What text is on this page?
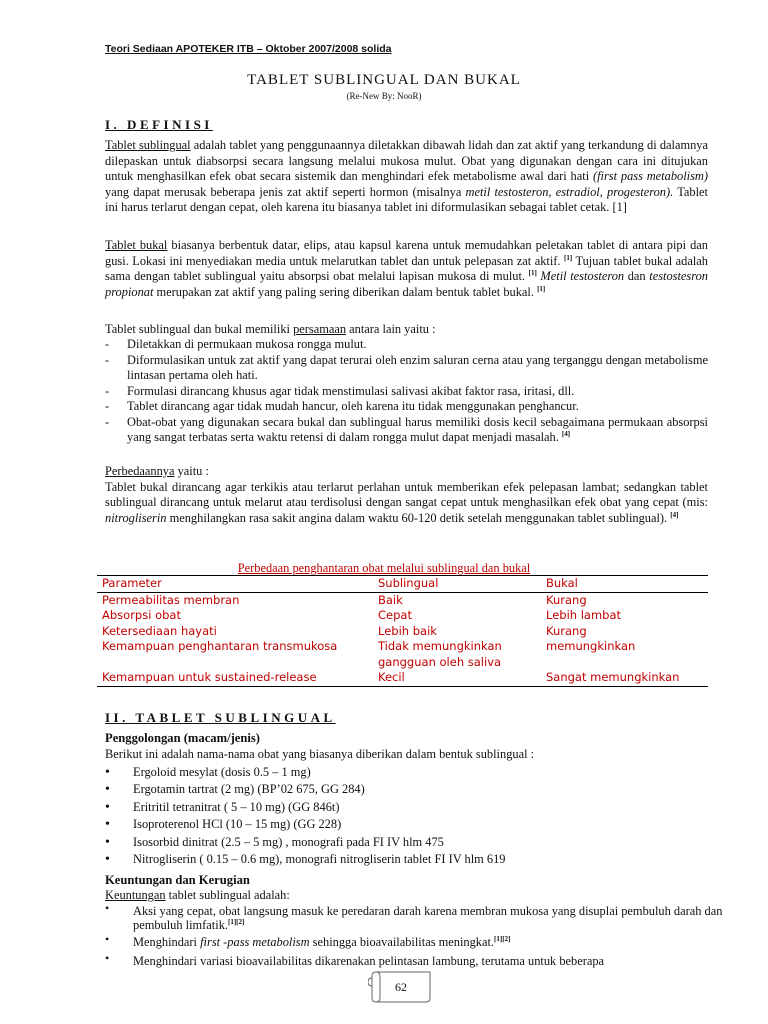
Teori Sediaan APOTEKER ITB – Oktober 2007/2008 solida
TABLET SUBLINGUAL DAN BUKAL
(Re-New By: NooR)
I. DEFINISI

Tablet sublingual adalah tablet yang penggunaannya diletakkan dibawah lidah dan zat aktif yang terkandung di dalamnya dilepaskan untuk diabsorpsi secara langsung melalui mukosa mulut. Obat yang digunakan dengan cara ini ditujukan untuk menghasilkan efek obat secara sistemik dan menghindari efek metabolisme awal dari hati (first pass metabolism) yang dapat merusak beberapa jenis zat aktif seperti hormon (misalnya metil testosteron, estradiol, progesteron). Tablet ini harus terlarut dengan cepat, oleh karena itu biasanya tablet ini diformulasikan sebagai tablet cetak. [1]

Tablet bukal biasanya berbentuk datar, elips, atau kapsul karena untuk memudahkan peletakan tablet di antara pipi dan gusi. Lokasi ini menyediakan media untuk melarutkan tablet dan untuk pelepasan zat aktif. [1] Tujuan tablet bukal adalah sama dengan tablet sublingual yaitu absorpsi obat melalui lapisan mukosa di mulut. [1] Metil testosteron dan testostesron propionat merupakan zat aktif yang paling sering diberikan dalam bentuk tablet bukal. [1]

Tablet sublingual dan bukal memiliki persamaan antara lain yaitu :

- Diletakkan di permukaan mukosa rongga mulut.
- Diformulasikan untuk zat aktif yang dapat terurai oleh enzim saluran cerna atau yang terganggu dengan metabolisme lintasan pertama oleh hati.
- Formulasi dirancang khusus agar tidak menstimulasi salivasi akibat faktor rasa, iritasi, dll.
- Tablet dirancang agar tidak mudah hancur, oleh karena itu tidak menggunakan penghancur.
- Obat-obat yang digunakan secara bukal dan sublingual harus memiliki dosis kecil sebagaimana permukaan absorpsi yang sangat terbatas serta waktu retensi di dalam rongga mulut dapat menjadi masalah. [4]

Perbedaannya yaitu :
Tablet bukal dirancang agar terkikis atau terlarut perlahan untuk memberikan efek pelepasan lambat; sedangkan tablet sublingual dirancang untuk melarut atau terdisolusi dengan sangat cepat untuk menghasilkan efek obat yang cepat (mis: nitrogliserin menghilangkan rasa sakit angina dalam waktu 60-120 detik setelah menggunakan tablet sublingual). [4]

Perbedaan penghantaran obat melalui sublingual dan bukal
Parameter	Sublingual	Bukal
Permeabilitas membran	Baik	Kurang
Absorpsi obat	Cepat	Lebih lambat
Ketersediaan hayati	Lebih baik	Kurang
Kemampuan penghantaran transmukosa	Tidak memungkinkan gangguan oleh saliva	memungkinkan
Kemampuan untuk sustained-release	Kecil	Sangat memungkinkan
II. TABLET SUBLINGUAL
Penggolongan (macam/jenis)
Berikut ini adalah nama-nama obat yang biasanya diberikan dalam bentuk sublingual :
• Ergoloid mesylat (dosis 0.5 – 1 mg)
• Ergotamin tartrat (2 mg) (BP’02 675, GG 284)
• Eritritil tetranitrat ( 5 – 10 mg) (GG 846t)
• Isoproterenol HCl (10 – 15 mg) (GG 228)
• Isosorbid dinitrat (2.5 – 5 mg) , monografi pada FI IV hlm 475
• Nitrogliserin ( 0.15 – 0.6 mg), monografi nitrogliserin tablet FI IV hlm 619
Keuntungan dan Kerugian
Keuntungan tablet sublingual adalah:
• Aksi yang cepat, obat langsung masuk ke peredaran darah karena membran mukosa yang disuplai pembuluh darah dan pembuluh limfatik.[1][2]
• Menghindari first -pass metabolism sehingga bioavailabilitas meningkat.[1][2]
• Menghindari variasi bioavailabilitas dikarenakan pelintasan lambung, terutama untuk beberapa
62
